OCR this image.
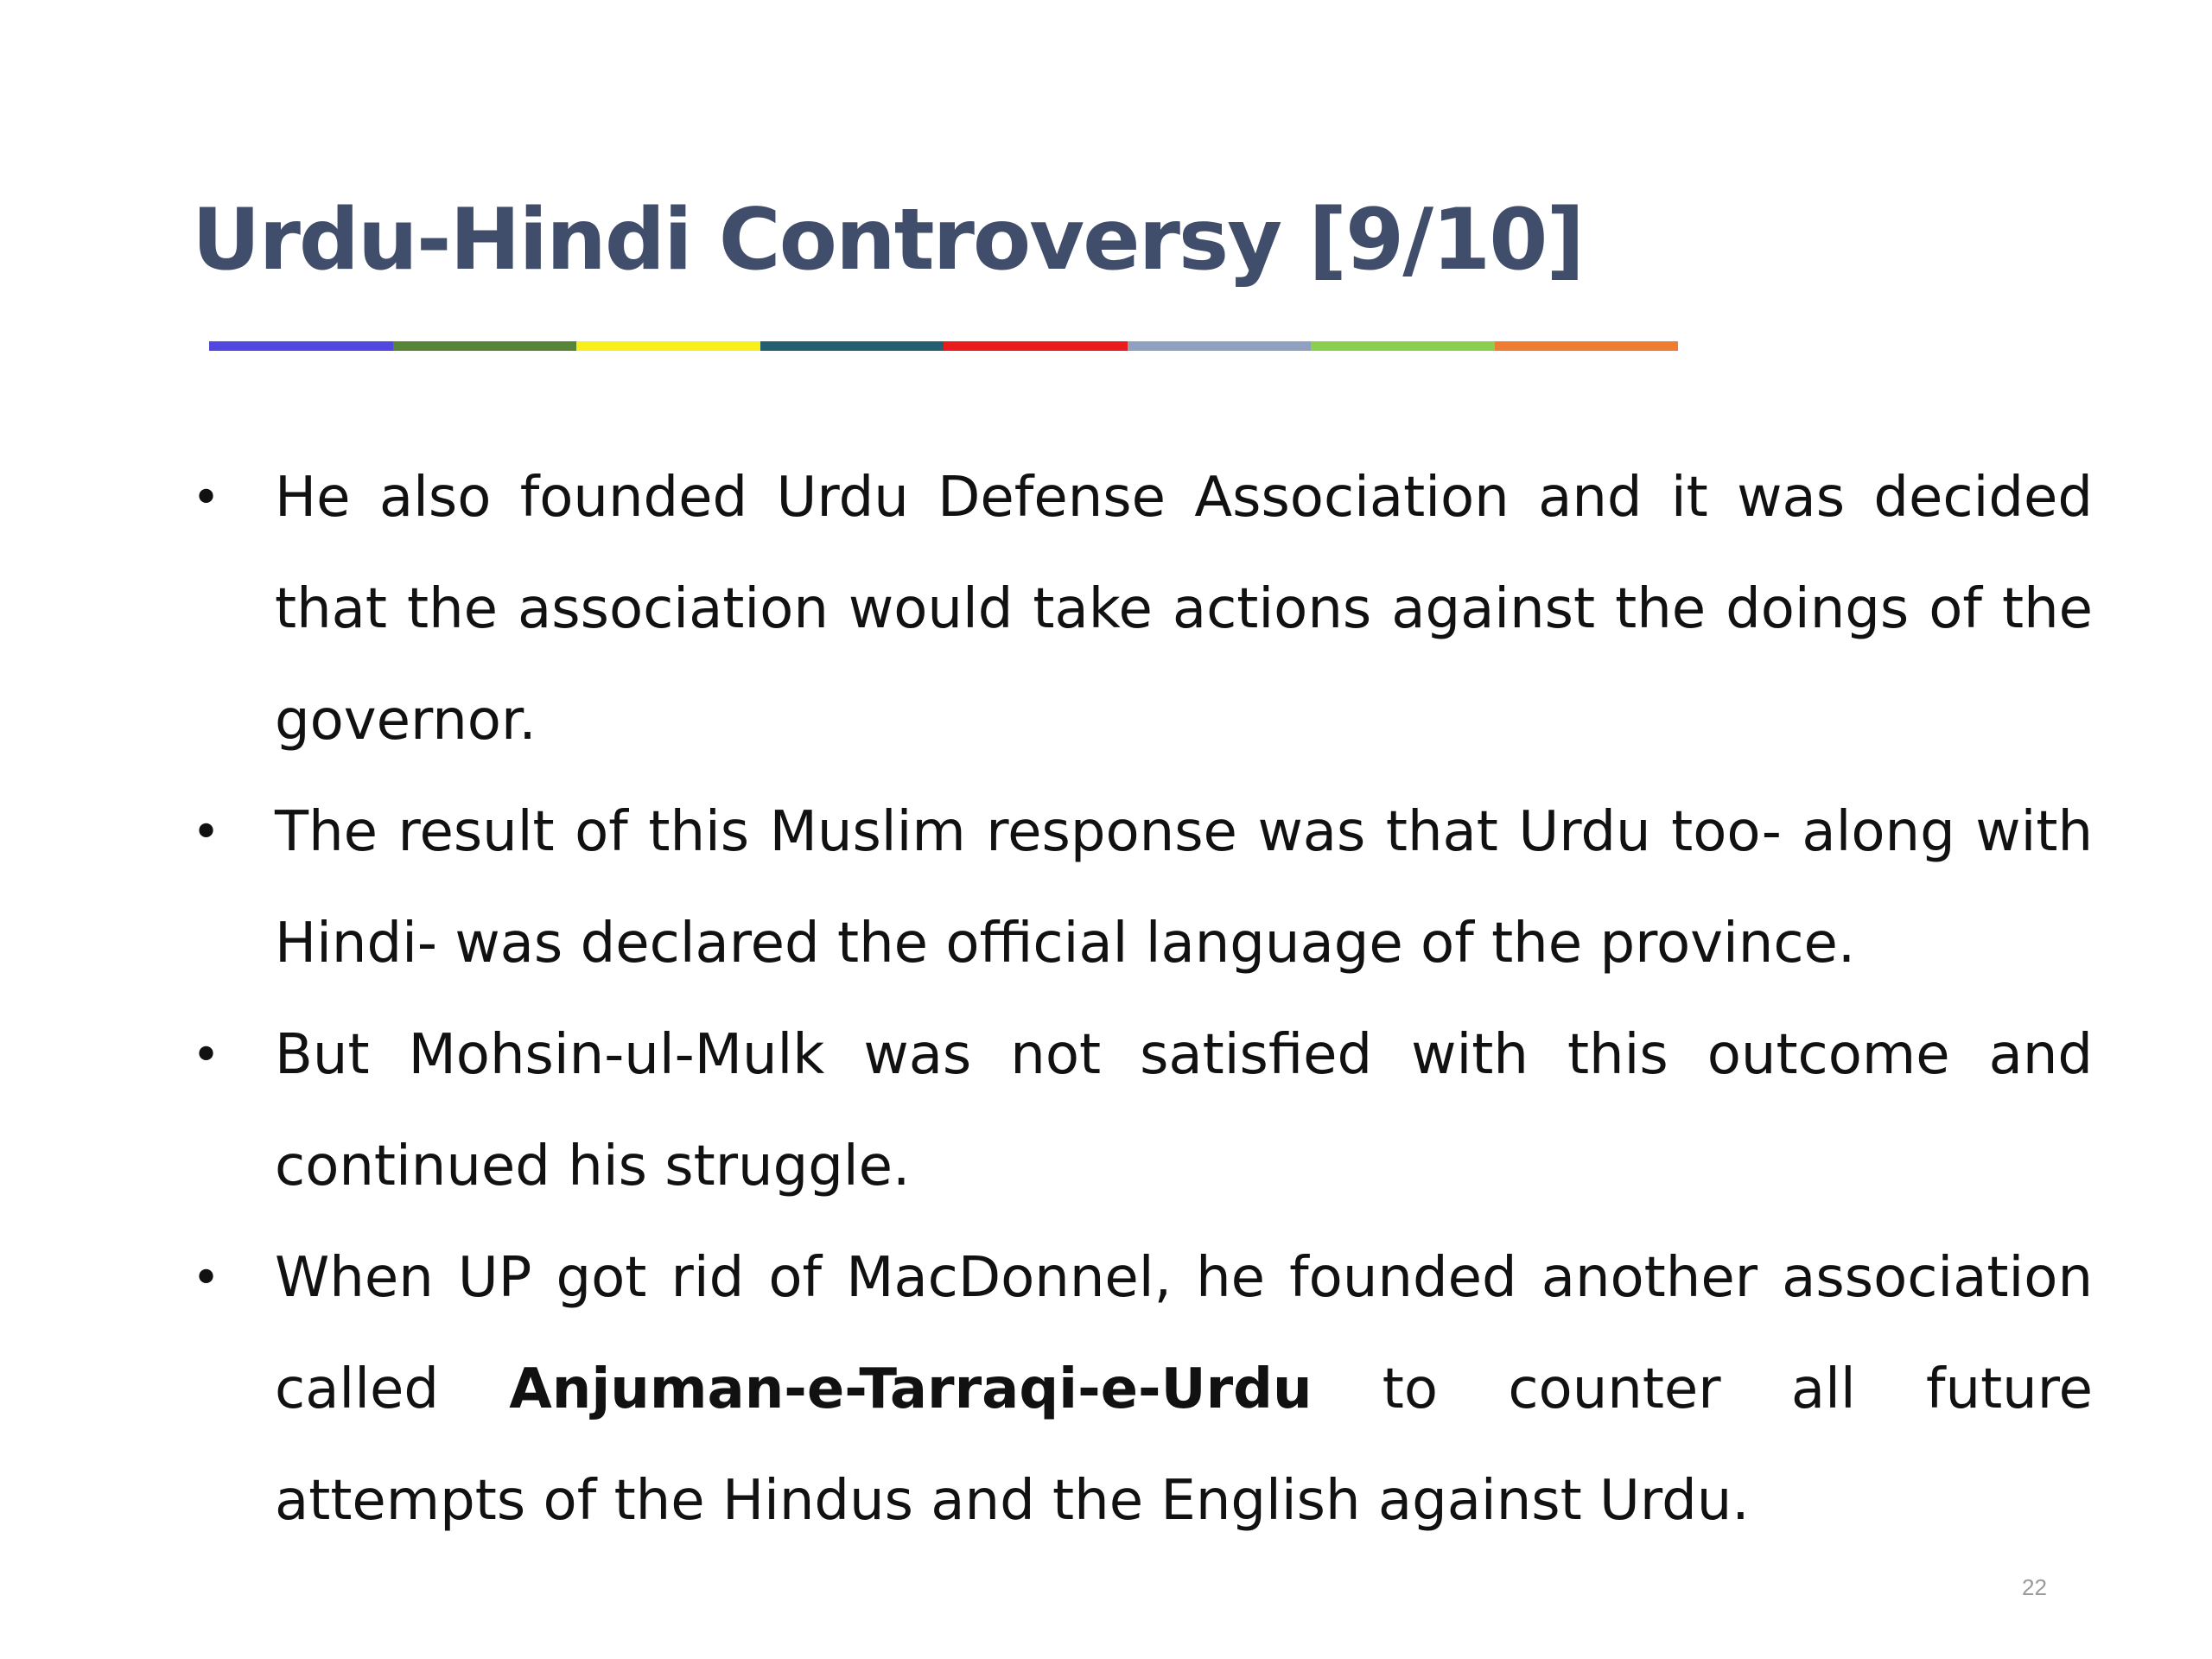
Urdu-Hindi Controversy [9/10]
• He also founded Urdu Defense Association and it was decided that the association would take actions against the doings of the governor.
• The result of this Muslim response was that Urdu too- along with Hindi- was declared the official language of the province.
• But Mohsin-ul-Mulk was not satisfied with this outcome and continued his struggle.
• When UP got rid of MacDonnel, he founded another association called Anjuman-e-Tarraqi-e-Urdu to counter all future attempts of the Hindus and the English against Urdu.
22
